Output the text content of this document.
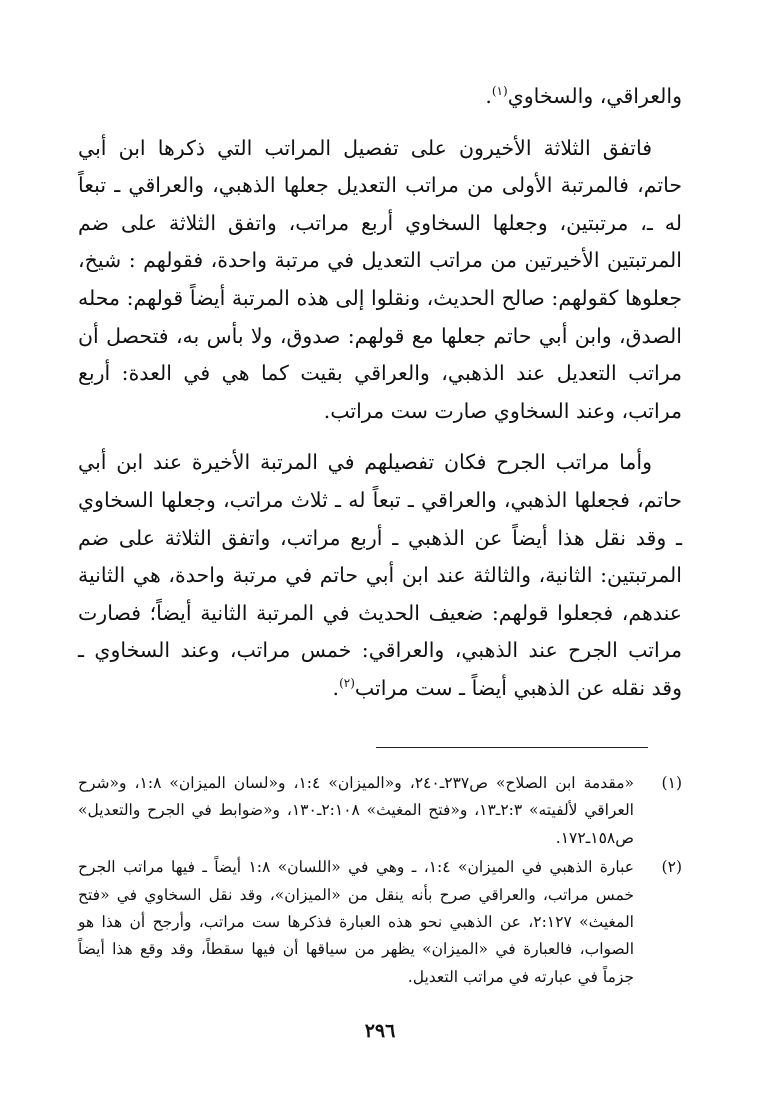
والعراقي، والسخاوي$^{(١)}$.

فاتفق الثلاثة الأخيرون على تفصيل المراتب التي ذكرها ابن أبي حاتم، فالمرتبة الأولى من مراتب التعديل جعلها الذهبي، والعراقي ـ تبعاً له ـ، مرتبتين، وجعلها السخاوي أربع مراتب، واتفق الثلاثة على ضم المرتبتين الأخيرتين من مراتب التعديل في مرتبة واحدة، فقولهم : شيخ، جعلوها كقولهم: صالح الحديث، ونقلوا إلى هذه المرتبة أيضاً قولهم: محله الصدق، وابن أبي حاتم جعلها مع قولهم: صدوق، ولا بأس به، فتحصل أن مراتب التعديل عند الذهبي، والعراقي بقيت كما هي في العدة: أربع مراتب، وعند السخاوي صارت ست مراتب.

وأما مراتب الجرح فكان تفصيلهم في المرتبة الأخيرة عند ابن أبي حاتم، فجعلها الذهبي، والعراقي ـ تبعاً له ـ ثلاث مراتب، وجعلها السخاوي ـ وقد نقل هذا أيضاً عن الذهبي ـ أربع مراتب، واتفق الثلاثة على ضم المرتبتين: الثانية، والثالثة عند ابن أبي حاتم في مرتبة واحدة، هي الثانية عندهم، فجعلوا قولهم: ضعيف الحديث في المرتبة الثانية أيضاً؛ فصارت مراتب الجرح عند الذهبي، والعراقي: خمس مراتب، وعند السخاوي ـ وقد نقله عن الذهبي أيضاً ـ ست مراتب$^{(٢)}$.

(١)
«مقدمة ابن الصلاح» ص٢٣٧ـ٢٤٠، و«الميزان» ١:٤، و«لسان الميزان» ١:٨، و«شرح العراقي لألفيته» ٢:٣ـ١٣، و«فتح المغيث» ٢:١٠٨ـ١٣٠، و«ضوابط في الجرح والتعديل» ص١٥٨ـ١٧٢.
(٢)
عبارة الذهبي في الميزان» ١:٤، ـ وهي في «اللسان» ١:٨ أيضاً ـ فيها مراتب الجرح خمس مراتب، والعراقي صرح بأنه ينقل من «الميزان»، وقد نقل السخاوي في «فتح المغيث» ٢:١٢٧، عن الذهبي نحو هذه العبارة فذكرها ست مراتب، وأرجح أن هذا هو الصواب، فالعبارة في «الميزان» يظهر من سياقها أن فيها سقطاً، وقد وقع هذا أيضاً جزماً في عبارته في مراتب التعديل.
٢٩٦
